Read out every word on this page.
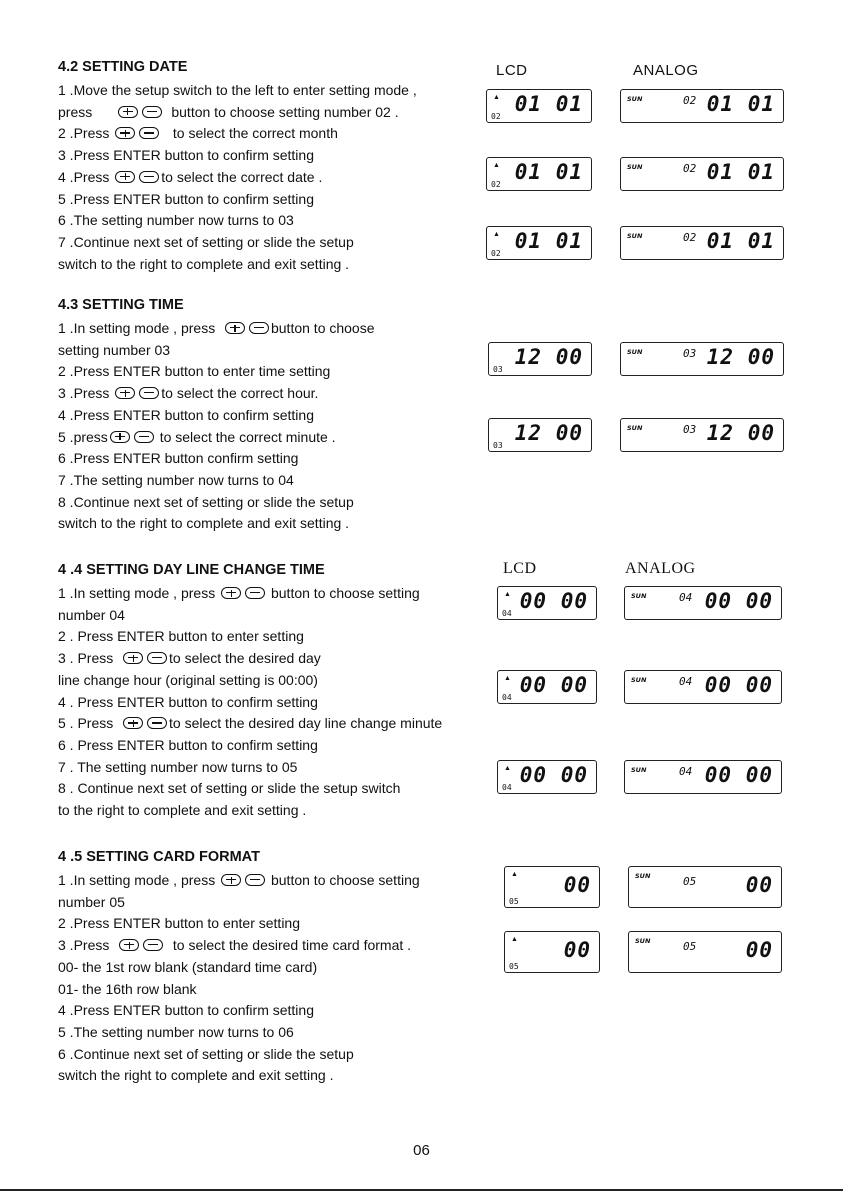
LCD	ANALOG
LCD	ANALOG
4.2 SETTING DATE
1 .Move the setup switch to the left to enter setting mode ,
press	button to choose setting number 02 .
2 .Press	to select the correct month
3 .Press ENTER button to confirm setting
4 .Press	to select the correct date .
5 .Press ENTER button to confirm setting
6 .The setting number now turns to 03
7 .Continue next set of setting or slide the setup
switch to the right to complete and exit setting .
4.3 SETTING TIME
1 .In setting mode , press	button to choose
setting number 03
2 .Press ENTER button to enter time setting
3 .Press	to select the correct hour.
4 .Press ENTER button to confirm setting
5 .press	to select the correct minute .
6 .Press ENTER button confirm setting
7 .The setting number now turns to 04
8 .Continue next set of setting or slide the setup
switch to the right to complete and exit setting .
4 .4 SETTING DAY LINE CHANGE TIME
1 .In setting mode , press	button to choose setting
number 04
2 . Press ENTER button to enter setting
3 . Press	to select the desired day
line change hour (original setting is 00:00)
4 . Press ENTER button to confirm setting
5 . Press	to select the desired day line change minute
6 . Press ENTER button to confirm setting
7 . The setting number now turns to 05
8 . Continue next set of setting or slide the setup switch
to the right to complete and exit setting .
4 .5 SETTING CARD FORMAT
1 .In setting mode , press	button to choose setting
number 05
2 .Press ENTER button to enter setting
3 .Press	to select the desired time card format .
00- the 1st row blank (standard time card)
01- the 16th row blank
4 .Press ENTER button to confirm setting
5 .The setting number now turns to 06
6 .Continue next set of setting or slide the setup
switch the right to complete and exit setting .
▲
02
01 01	SUN	02 01 01
▲
02
01 01	SUN	02 01 01
▲
02
01 01	SUN	02 01 01
03
12 00	SUN	03 12 00
03
12 00	SUN	03 12 00
▲
04
00 00	SUN	04 00 00
▲
04
00 00	SUN	04 00 00
▲
04
00 00	SUN	04 00 00
▲
05
00	SUN	05 00
▲
05
00	SUN	05 00
06
